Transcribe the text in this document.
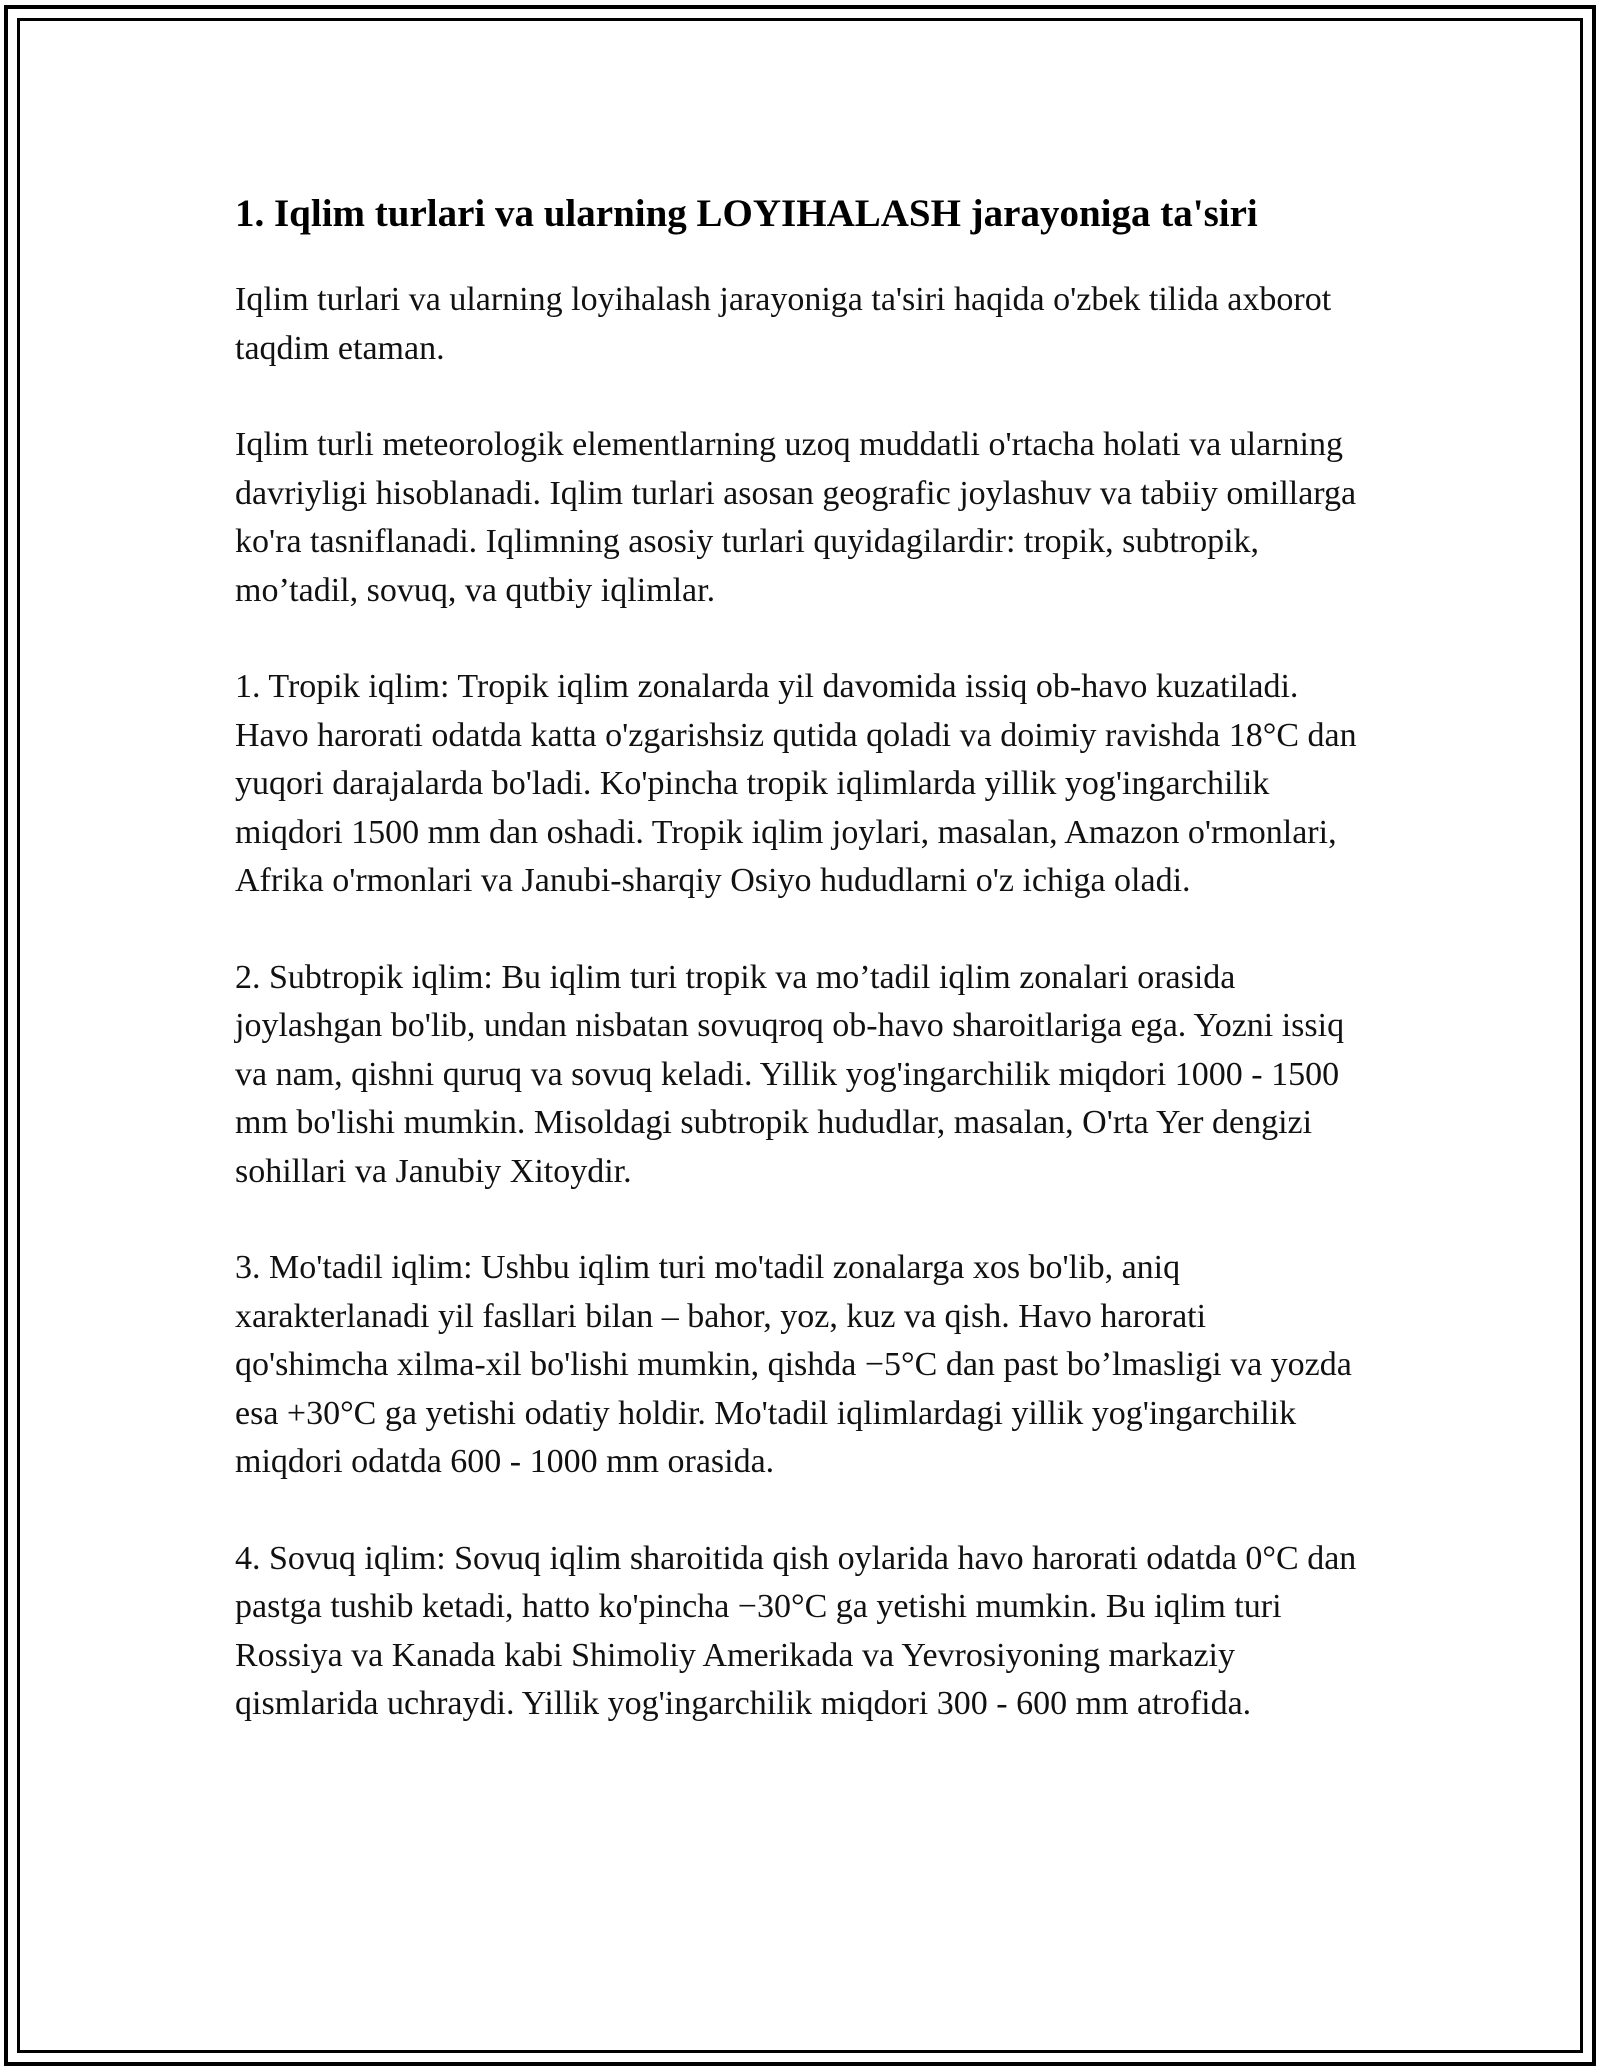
1. Iqlim turlari va ularning LOYIHALASH jarayoniga ta'siri

Iqlim turlari va ularning loyihalash jarayoniga ta'siri haqida o'zbek tilida axborot taqdim etaman.

Iqlim turli meteorologik elementlarning uzoq muddatli o'rtacha holati va ularning davriyligi hisoblanadi. Iqlim turlari asosan geografic joylashuv va tabiiy omillarga ko'ra tasniflanadi. Iqlimning asosiy turlari quyidagilardir: tropik, subtropik, mo’tadil, sovuq, va qutbiy iqlimlar.

1. Tropik iqlim: Tropik iqlim zonalarda yil davomida issiq ob-havo kuzatiladi. Havo harorati odatda katta o'zgarishsiz qutida qoladi va doimiy ravishda 18°C dan yuqori darajalarda bo'ladi. Ko'pincha tropik iqlimlarda yillik yog'ingarchilik miqdori 1500 mm dan oshadi. Tropik iqlim joylari, masalan, Amazon o'rmonlari, Afrika o'rmonlari va Janubi-sharqiy Osiyo hududlarni o'z ichiga oladi.

2. Subtropik iqlim: Bu iqlim turi tropik va mo’tadil iqlim zonalari orasida joylashgan bo'lib, undan nisbatan sovuqroq ob-havo sharoitlariga ega. Yozni issiq va nam, qishni quruq va sovuq keladi. Yillik yog'ingarchilik miqdori 1000 - 1500 mm bo'lishi mumkin. Misoldagi subtropik hududlar, masalan, O'rta Yer dengizi sohillari va Janubiy Xitoydir.

3. Mo'tadil iqlim: Ushbu iqlim turi mo'tadil zonalarga xos bo'lib, aniq xarakterlanadi yil fasllari bilan – bahor, yoz, kuz va qish. Havo harorati qo'shimcha xilma-xil bo'lishi mumkin, qishda −5°C dan past bo’lmasligi va yozda esa +30°C ga yetishi odatiy holdir. Mo'tadil iqlimlardagi yillik yog'ingarchilik miqdori odatda 600 - 1000 mm orasida.

4. Sovuq iqlim: Sovuq iqlim sharoitida qish oylarida havo harorati odatda 0°C dan pastga tushib ketadi, hatto ko'pincha −30°C ga yetishi mumkin. Bu iqlim turi Rossiya va Kanada kabi Shimoliy Amerikada va Yevrosiyoning markaziy qismlarida uchraydi. Yillik yog'ingarchilik miqdori 300 - 600 mm atrofida.
